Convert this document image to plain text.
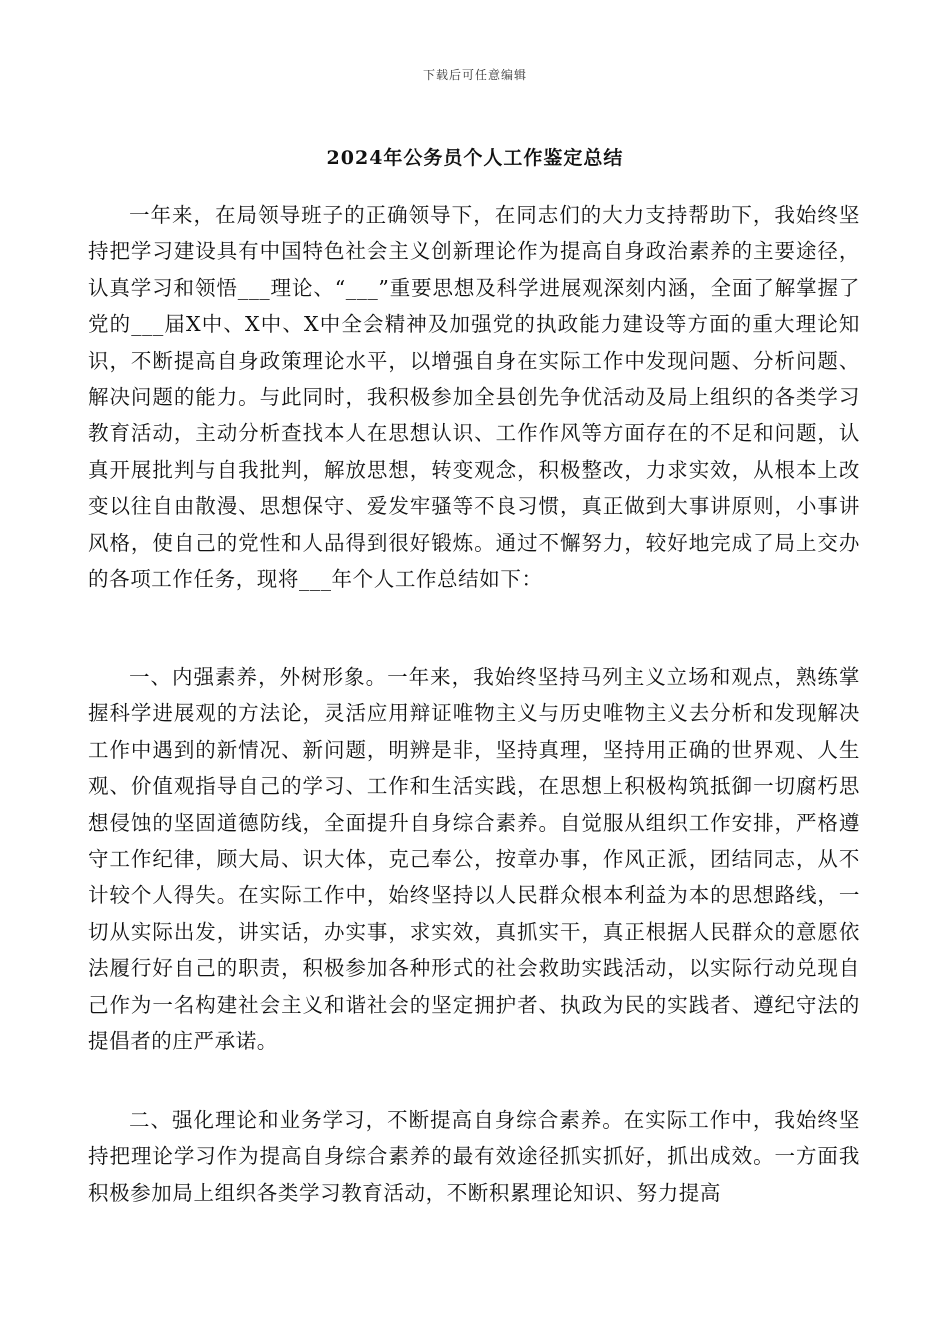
下载后可任意编辑
2024年公务员个人工作鉴定总结

一年来，在局领导班子的正确领导下，在同志们的大力支持帮助下，我始终坚持把学习建设具有中国特色社会主义创新理论作为提高自身政治素养的主要途径，认真学习和领悟___理论、“___”重要思想及科学进展观深刻内涵，全面了解掌握了党的___届X中、X中、X中全会精神及加强党的执政能力建设等方面的重大理论知识，不断提高自身政策理论水平，以增强自身在实际工作中发现问题、分析问题、解决问题的能力。与此同时，我积极参加全县创先争优活动及局上组织的各类学习教育活动，主动分析查找本人在思想认识、工作作风等方面存在的不足和问题，认真开展批判与自我批判，解放思想，转变观念，积极整改，力求实效，从根本上改变以往自由散漫、思想保守、爱发牢骚等不良习惯，真正做到大事讲原则，小事讲风格，使自己的党性和人品得到很好锻炼。通过不懈努力，较好地完成了局上交办的各项工作任务，现将___年个人工作总结如下：

一、内强素养，外树形象。一年来，我始终坚持马列主义立场和观点，熟练掌握科学进展观的方法论，灵活应用辩证唯物主义与历史唯物主义去分析和发现解决工作中遇到的新情况、新问题，明辨是非，坚持真理，坚持用正确的世界观、人生观、价值观指导自己的学习、工作和生活实践，在思想上积极构筑抵御一切腐朽思想侵蚀的坚固道德防线，全面提升自身综合素养。自觉服从组织工作安排，严格遵守工作纪律，顾大局、识大体，克己奉公，按章办事，作风正派，团结同志，从不计较个人得失。在实际工作中，始终坚持以人民群众根本利益为本的思想路线，一切从实际出发，讲实话，办实事，求实效，真抓实干，真正根据人民群众的意愿依法履行好自己的职责，积极参加各种形式的社会救助实践活动，以实际行动兑现自己作为一名构建社会主义和谐社会的坚定拥护者、执政为民的实践者、遵纪守法的提倡者的庄严承诺。

二、强化理论和业务学习，不断提高自身综合素养。在实际工作中，我始终坚持把理论学习作为提高自身综合素养的最有效途径抓实抓好，抓出成效。一方面我积极参加局上组织各类学习教育活动，不断积累理论知识、努力提高
